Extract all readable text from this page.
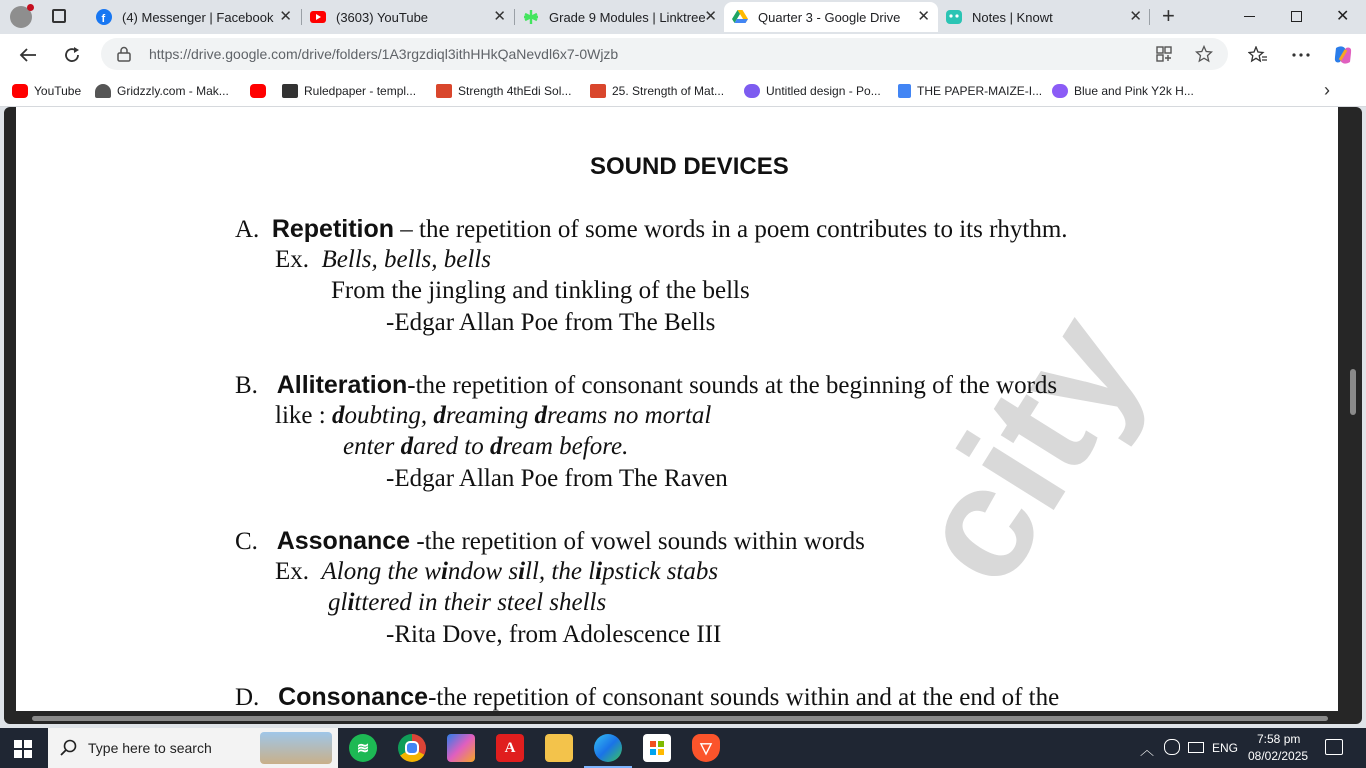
f (4) Messenger | Facebook ✕	(3603) YouTube	✕	Grade 9 Modules | Linktree
✕	Quarter 3 - Google Drive ✕	Notes | Knowt	✕ +	✕
https://drive.google.com/drive/folders/1A3rgzdiql3ithHHkQaNevdl6x7-0Wjzb
YouTube	Gridzzly.com - Mak...	Ruledpaper - templ...	Strength 4thEdi Sol...	25. Strength of Mat...	Untitled design - Po...	THE PAPER-MAIZE-I...	Blue and Pink Y2k H...	›
city
SOUND DEVICES
A. Repetition – the repetition of some words in a poem contributes to its rhythm.
Ex. Bells, bells, bells
From the jingling and tinkling of the bells
-Edgar Allan Poe from The Bells
B. Alliteration-the repetition of consonant sounds at the beginning of the words
like : doubting, dreaming dreams no mortal
enter dared to dream before.
-Edgar Allan Poe from The Raven
C. Assonance -the repetition of vowel sounds within words
Ex. Along the window sill, the lipstick stabs
glittered in their steel shells
-Rita Dove, from Adolescence III
D. Consonance-the repetition of consonant sounds within and at the end of the
Type here to search	≋	A	▽	︿	ENG
7:58 pm
08/02/2025
